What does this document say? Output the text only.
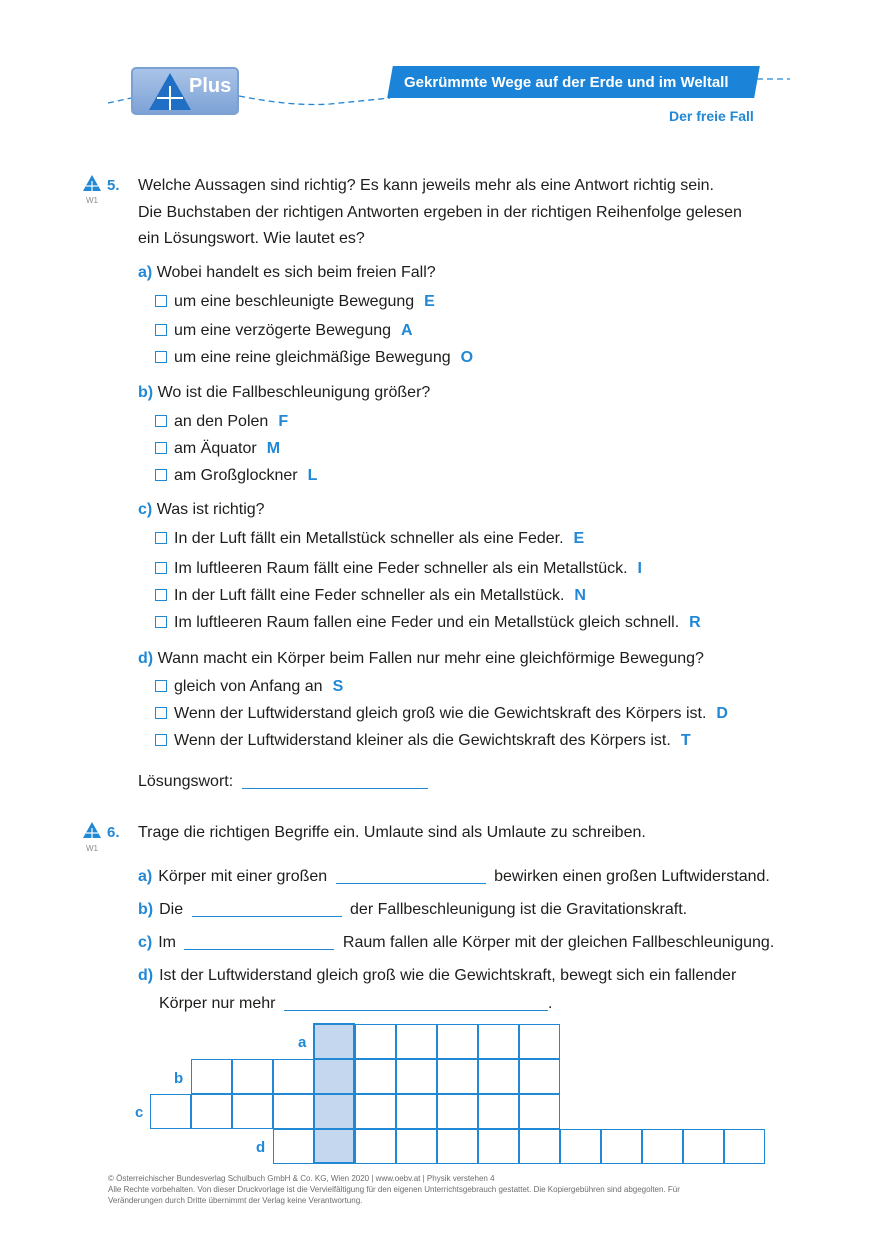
Plus	Gekrümmte Wege auf der Erde und im Weltall
Der freie Fall
5.
W1
Welche Aussagen sind richtig? Es kann jeweils mehr als eine Antwort richtig sein.
Die Buchstaben der richtigen Antworten ergeben in der richtigen Reihenfolge gelesen
ein Lösungswort. Wie lautet es?
a) Wobei handelt es sich beim freien Fall?
um eine beschleunigte Bewegung E
um eine verzögerte Bewegung A
um eine reine gleichmäßige Bewegung O
b) Wo ist die Fallbeschleunigung größer?
an den Polen F
am Äquator M
am Großglockner L
c) Was ist richtig?
In der Luft fällt ein Metallstück schneller als eine Feder. E
Im luftleeren Raum fällt eine Feder schneller als ein Metallstück. I
In der Luft fällt eine Feder schneller als ein Metallstück. N
Im luftleeren Raum fallen eine Feder und ein Metallstück gleich schnell. R
d) Wann macht ein Körper beim Fallen nur mehr eine gleichförmige Bewegung?
gleich von Anfang an S
Wenn der Luftwiderstand gleich groß wie die Gewichtskraft des Körpers ist. D
Wenn der Luftwiderstand kleiner als die Gewichtskraft des Körpers ist. T
Lösungswort:
6.
W1
Trage die richtigen Begriffe ein. Umlaute sind als Umlaute zu schreiben.
a) Körper mit einer großen	bewirken einen großen Luftwiderstand.
b) Die	der Fallbeschleunigung ist die Gravitationskraft.
c) Im	Raum fallen alle Körper mit der gleichen Fallbeschleunigung.
d) Ist der Luftwiderstand gleich groß wie die Gewichtskraft, bewegt sich ein fallender
Körper nur mehr	.
a
b
c
d
© Österreichischer Bundesverlag Schulbuch GmbH & Co. KG, Wien 2020 | www.oebv.at | Physik verstehen 4
Alle Rechte vorbehalten. Von dieser Druckvorlage ist die Vervielfältigung für den eigenen Unterrichtsgebrauch gestattet. Die Kopiergebühren sind abgegolten. Für
Veränderungen durch Dritte übernimmt der Verlag keine Verantwortung.
